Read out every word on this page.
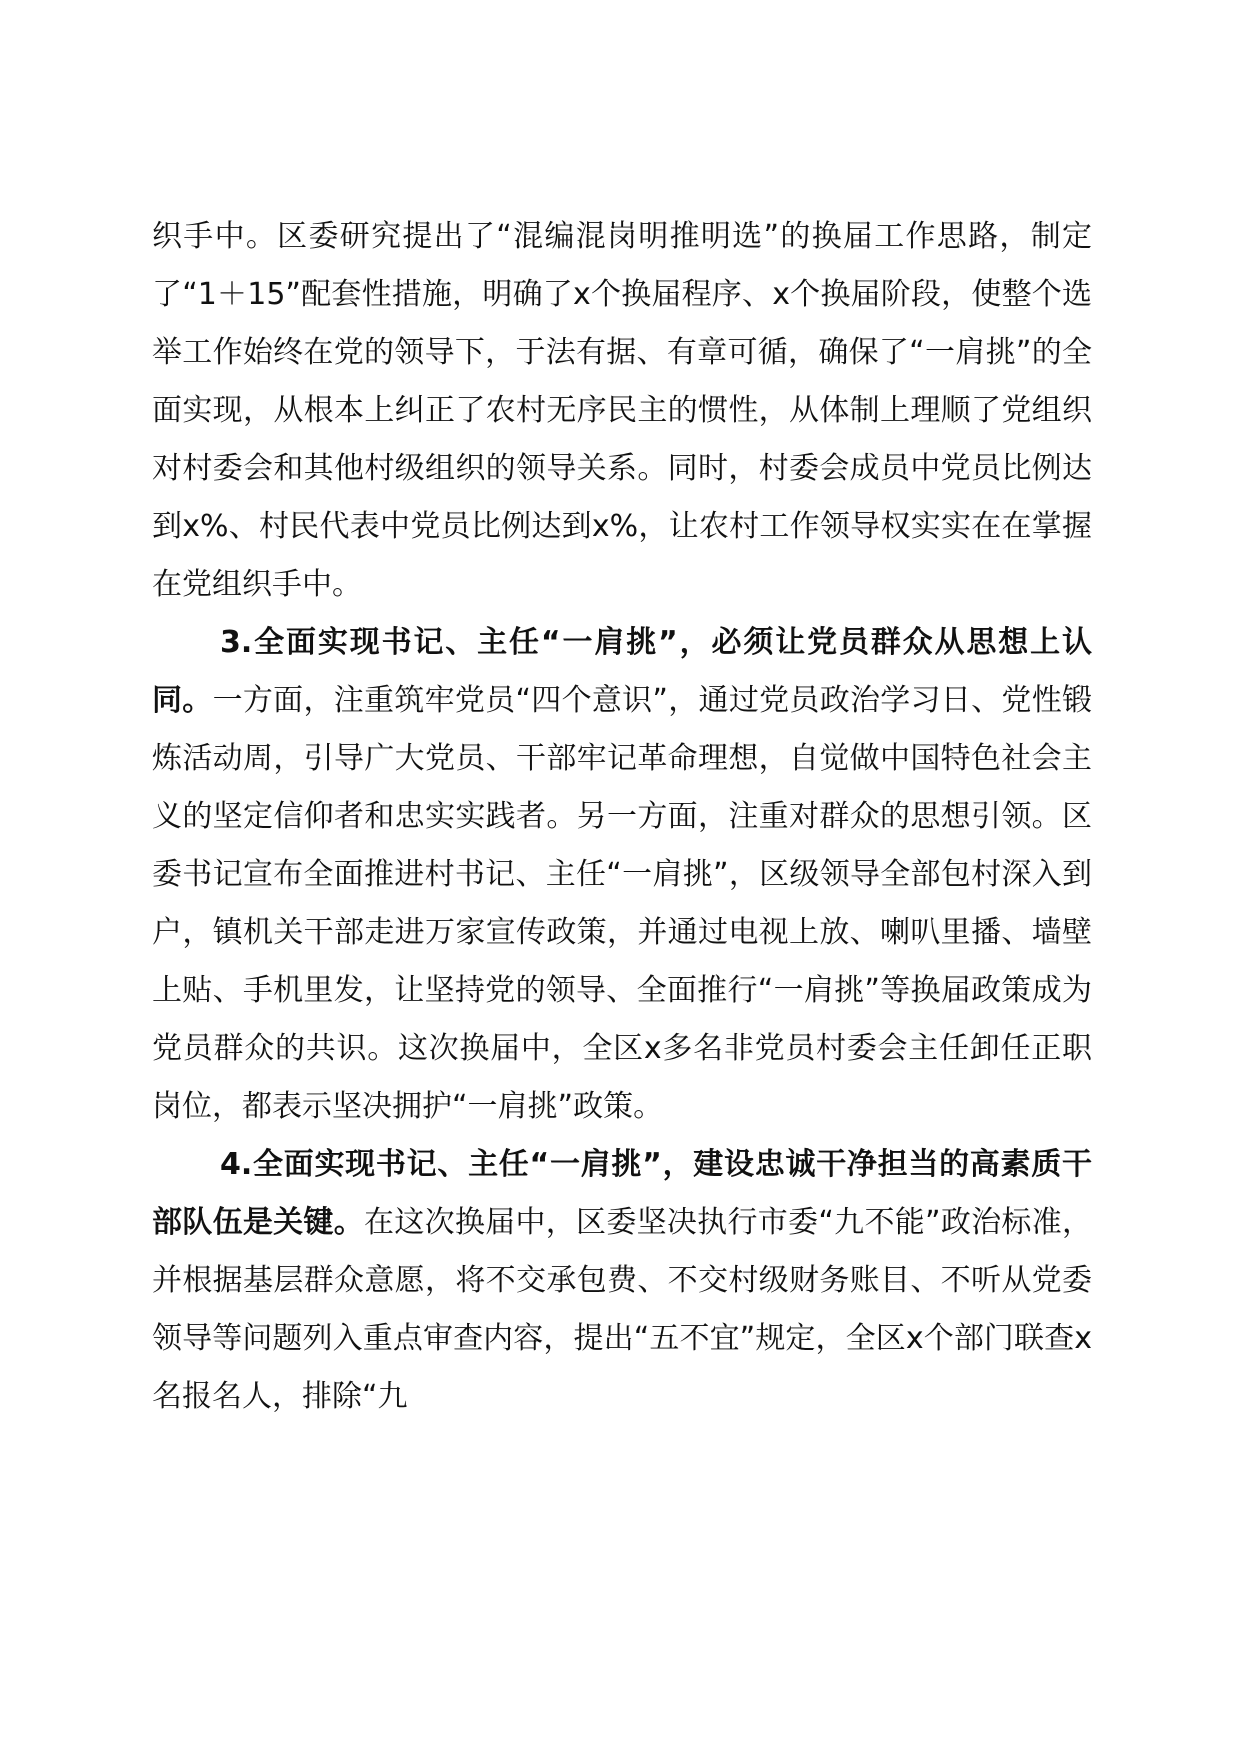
织手中。区委研究提出了“混编混岗明推明选”的换届工作思路，制定了“1＋15”配套性措施，明确了x个换届程序、x个换届阶段，使整个选举工作始终在党的领导下，于法有据、有章可循，确保了“一肩挑”的全面实现，从根本上纠正了农村无序民主的惯性，从体制上理顺了党组织对村委会和其他村级组织的领导关系。同时，村委会成员中党员比例达到x%、村民代表中党员比例达到x%，让农村工作领导权实实在在掌握在党组织手中。

3.全面实现书记、主任“一肩挑”，必须让党员群众从思想上认同。一方面，注重筑牢党员“四个意识”，通过党员政治学习日、党性锻炼活动周，引导广大党员、干部牢记革命理想，自觉做中国特色社会主义的坚定信仰者和忠实实践者。另一方面，注重对群众的思想引领。区委书记宣布全面推进村书记、主任“一肩挑”，区级领导全部包村深入到户，镇机关干部走进万家宣传政策，并通过电视上放、喇叭里播、墙壁上贴、手机里发，让坚持党的领导、全面推行“一肩挑”等换届政策成为党员群众的共识。这次换届中，全区x多名非党员村委会主任卸任正职岗位，都表示坚决拥护“一肩挑”政策。

4.全面实现书记、主任“一肩挑”，建设忠诚干净担当的高素质干部队伍是关键。在这次换届中，区委坚决执行市委“九不能”政治标准，并根据基层群众意愿，将不交承包费、不交村级财务账目、不听从党委领导等问题列入重点审查内容，提出“五不宜”规定，全区x个部门联查x名报名人，排除“九
